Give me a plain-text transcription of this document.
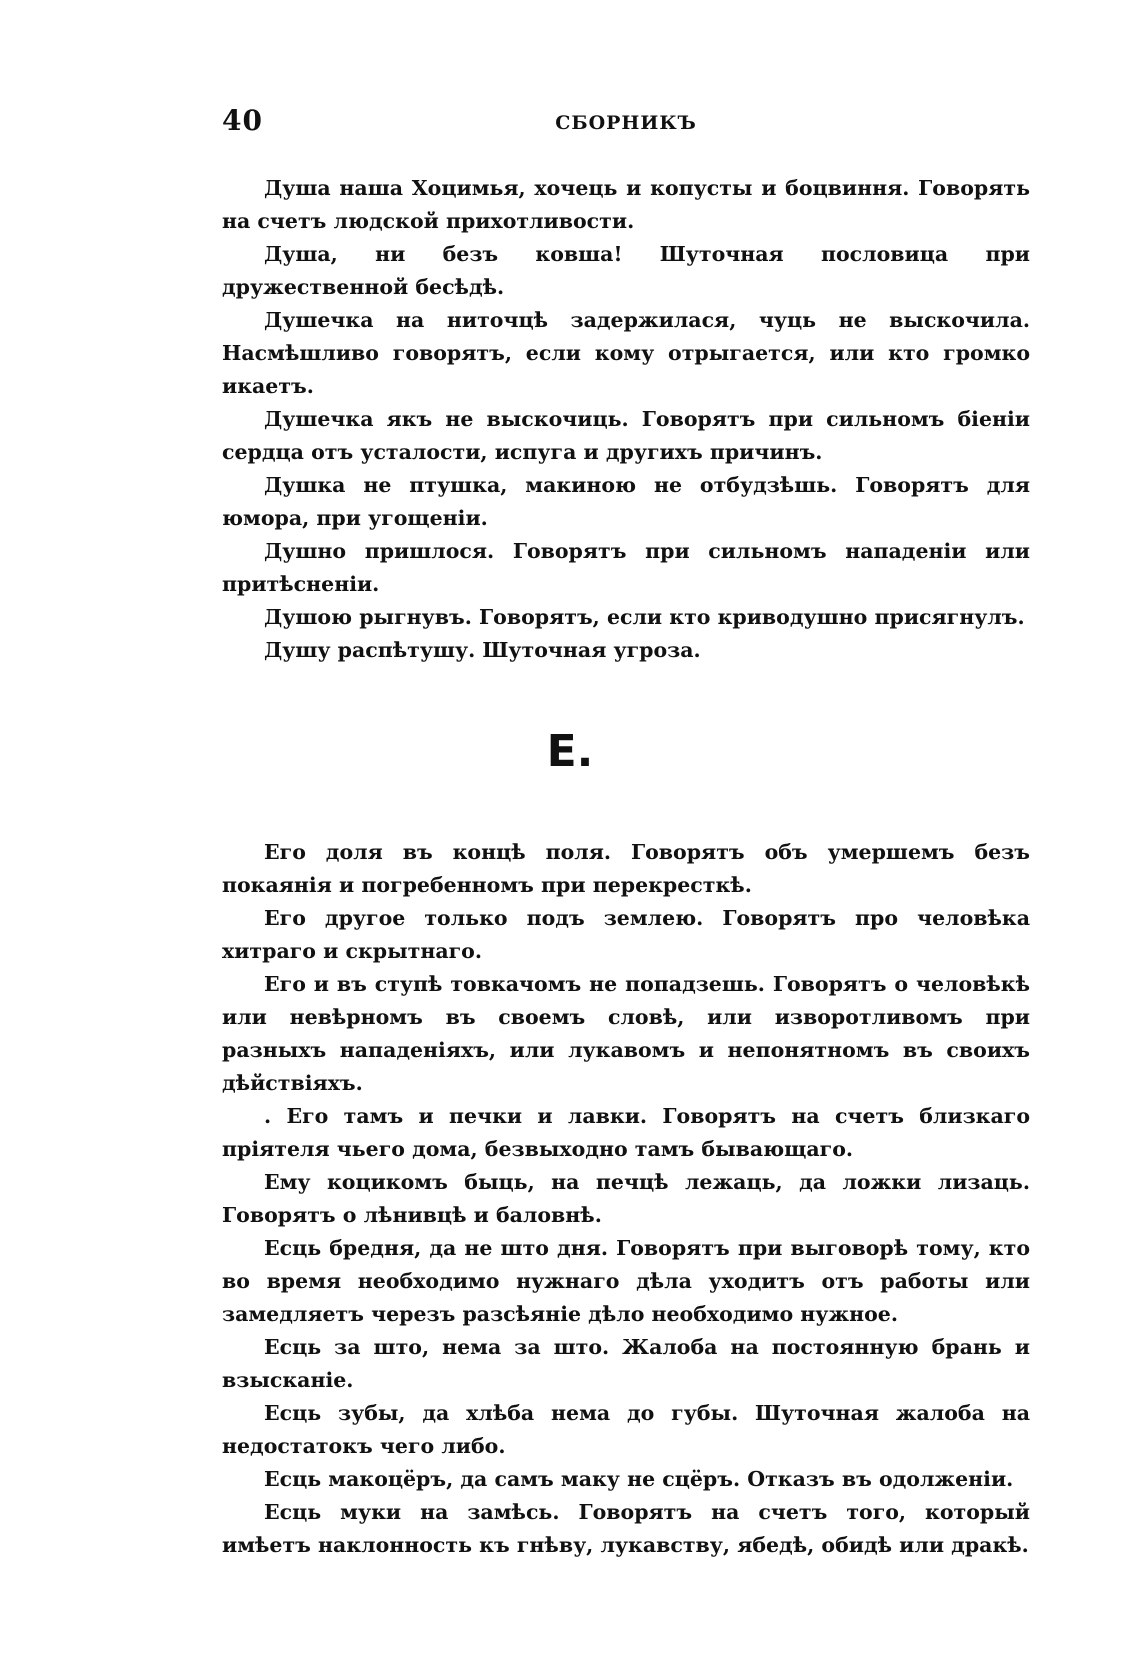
40	СБОРНИКЪ

Душа наша Хоцимья, хочець и копусты и боцвиння. Говорять на счетъ людской прихотливости.

Душа, ни безъ ковша! Шуточная пословица при дружественной бесѣдѣ.

Душечка на ниточцѣ задержилася, чуць не выскочила. Насмѣшливо говорятъ, если кому отрыгается, или кто громко икаетъ.

Душечка якъ не выскочиць. Говорятъ при сильномъ біеніи сердца отъ усталости, испуга и другихъ причинъ.

Душка не птушка, макиною не отбудзѣшь. Говорятъ для юмора, при угощеніи.

Душно пришлося. Говорятъ при сильномъ нападеніи или притѣсненіи.

Душою рыгнувъ. Говорятъ, если кто криводушно присягнулъ.

Душу распѣтушу. Шуточная угроза.

Е.

Его доля въ концѣ поля. Говорятъ объ умершемъ безъ покаянія и погребенномъ при перекресткѣ.

Его другое только подъ землею. Говорятъ про человѣка хитраго и скрытнаго.

Его и въ ступѣ товкачомъ не попадзешь. Говорятъ о человѣкѣ или невѣрномъ въ своемъ словѣ, или изворотливомъ при разныхъ нападеніяхъ, или лукавомъ и непонятномъ въ своихъ дѣйствіяхъ.

. Его тамъ и печки и лавки. Говорятъ на счетъ близкаго пріятеля чьего дома, безвыходно тамъ бывающаго.

Ему коцикомъ быць, на печцѣ лежаць, да ложки лизаць. Говорятъ о лѣнивцѣ и баловнѣ.

Есць бредня, да не што дня. Говорятъ при выговорѣ тому, кто во время необходимо нужнаго дѣла уходитъ отъ работы или замедляетъ черезъ разсѣяніе дѣло необходимо нужное.

Есць за што, нема за што. Жалоба на постоянную брань и взысканіе.

Есць зубы, да хлѣба нема до губы. Шуточная жалоба на недостатокъ чего либо.

Есць макоцёръ, да самъ маку не сцёръ. Отказъ въ одолженіи.

Есць муки на замѣсь. Говорятъ на счетъ того, который имѣетъ наклонность къ гнѣву, лукавству, ябедѣ, обидѣ или дракѣ.
